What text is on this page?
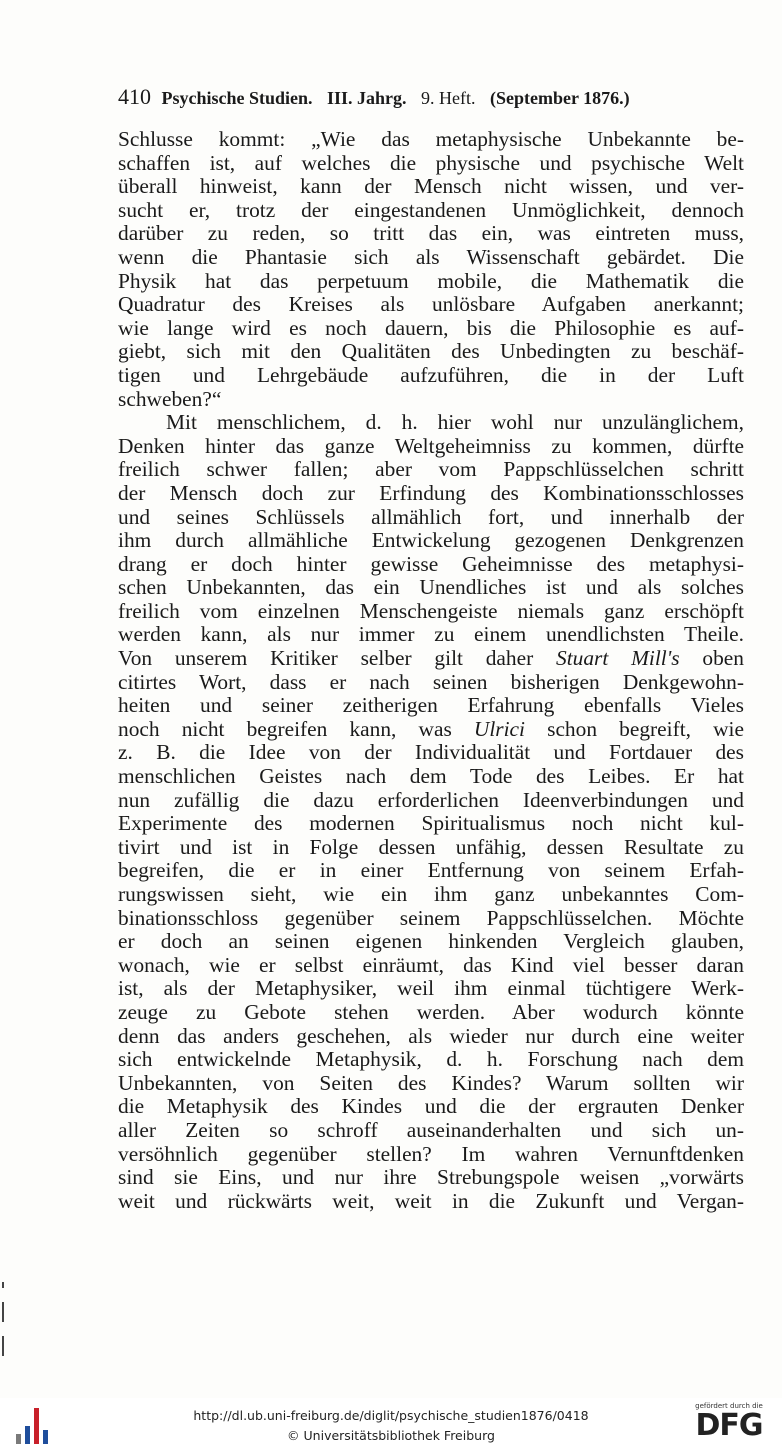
410 Psychische Studien. III. Jahrg. 9. Heft. (September 1876.)
Schlusse kommt: „Wie das metaphysische Unbekannte be-
schaffen ist, auf welches die physische und psychische Welt
überall hinweist, kann der Mensch nicht wissen, und ver-
sucht er, trotz der eingestandenen Unmöglichkeit, dennoch
darüber zu reden, so tritt das ein, was eintreten muss,
wenn die Phantasie sich als Wissenschaft gebärdet. Die
Physik hat das perpetuum mobile, die Mathematik die
Quadratur des Kreises als unlösbare Aufgaben anerkannt;
wie lange wird es noch dauern, bis die Philosophie es auf-
giebt, sich mit den Qualitäten des Unbedingten zu beschäf-
tigen und Lehrgebäude aufzuführen, die in der Luft
schweben?“
Mit menschlichem, d. h. hier wohl nur unzulänglichem,
Denken hinter das ganze Weltgeheimniss zu kommen, dürfte
freilich schwer fallen; aber vom Pappschlüsselchen schritt
der Mensch doch zur Erfindung des Kombinationsschlosses
und seines Schlüssels allmählich fort, und innerhalb der
ihm durch allmähliche Entwickelung gezogenen Denkgrenzen
drang er doch hinter gewisse Geheimnisse des metaphysi-
schen Unbekannten, das ein Unendliches ist und als solches
freilich vom einzelnen Menschengeiste niemals ganz erschöpft
werden kann, als nur immer zu einem unendlichsten Theile.
Von unserem Kritiker selber gilt daher Stuart Mill's oben
citirtes Wort, dass er nach seinen bisherigen Denkgewohn-
heiten und seiner zeitherigen Erfahrung ebenfalls Vieles
noch nicht begreifen kann, was Ulrici schon begreift, wie
z. B. die Idee von der Individualität und Fortdauer des
menschlichen Geistes nach dem Tode des Leibes. Er hat
nun zufällig die dazu erforderlichen Ideenverbindungen und
Experimente des modernen Spiritualismus noch nicht kul-
tivirt und ist in Folge dessen unfähig, dessen Resultate zu
begreifen, die er in einer Entfernung von seinem Erfah-
rungswissen sieht, wie ein ihm ganz unbekanntes Com-
binationsschloss gegenüber seinem Pappschlüsselchen. Möchte
er doch an seinen eigenen hinkenden Vergleich glauben,
wonach, wie er selbst einräumt, das Kind viel besser daran
ist, als der Metaphysiker, weil ihm einmal tüchtigere Werk-
zeuge zu Gebote stehen werden. Aber wodurch könnte
denn das anders geschehen, als wieder nur durch eine weiter
sich entwickelnde Metaphysik, d. h. Forschung nach dem
Unbekannten, von Seiten des Kindes? Warum sollten wir
die Metaphysik des Kindes und die der ergrauten Denker
aller Zeiten so schroff auseinanderhalten und sich un-
versöhnlich gegenüber stellen? Im wahren Vernunftdenken
sind sie Eins, und nur ihre Strebungspole weisen „vorwärts
weit und rückwärts weit, weit in die Zukunft und Vergan-
http://dl.ub.uni-freiburg.de/diglit/psychische_studien1876/0418
© Universitätsbibliothek Freiburg
gefördert durch die
DFG
